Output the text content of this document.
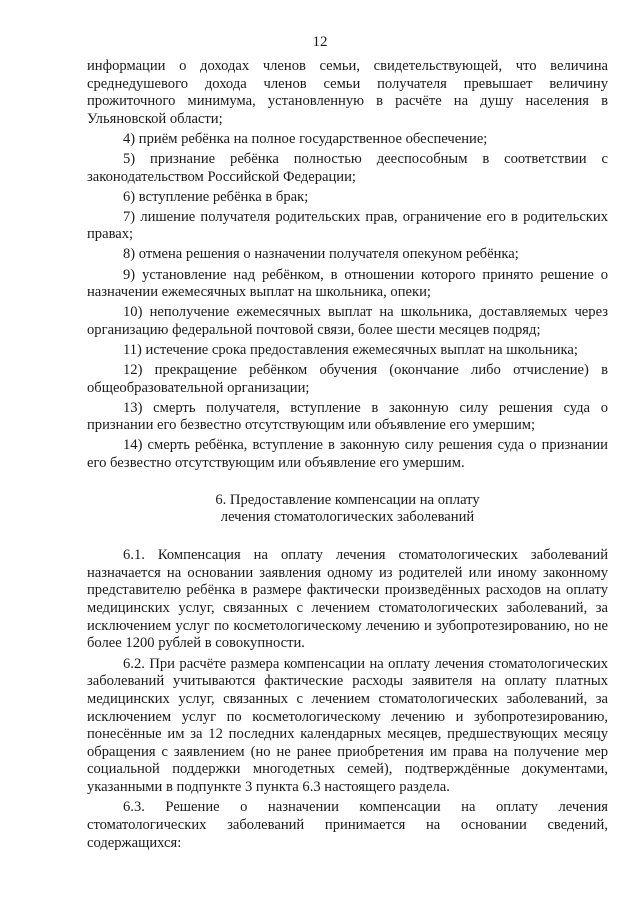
12

информации о доходах членов семьи, свидетельствующей, что величина среднедушевого дохода членов семьи получателя превышает величину прожиточного минимума, установленную в расчёте на душу населения в Ульяновской области;

4) приём ребёнка на полное государственное обеспечение;

5) признание ребёнка полностью дееспособным в соответствии с законодательством Российской Федерации;

6) вступление ребёнка в брак;

7) лишение получателя родительских прав, ограничение его в родительских правах;

8) отмена решения о назначении получателя опекуном ребёнка;

9) установление над ребёнком, в отношении которого принято решение о назначении ежемесячных выплат на школьника, опеки;

10) неполучение ежемесячных выплат на школьника, доставляемых через организацию федеральной почтовой связи, более шести месяцев подряд;

11) истечение срока предоставления ежемесячных выплат на школьника;

12) прекращение ребёнком обучения (окончание либо отчисление) в общеобразовательной организации;

13) смерть получателя, вступление в законную силу решения суда о признании его безвестно отсутствующим или объявление его умершим;

14) смерть ребёнка, вступление в законную силу решения суда о признании его безвестно отсутствующим или объявление его умершим.

6. Предоставление компенсации на оплату
лечения стоматологических заболеваний

6.1. Компенсация на оплату лечения стоматологических заболеваний назначается на основании заявления одному из родителей или иному законному представителю ребёнка в размере фактически произведённых расходов на оплату медицинских услуг, связанных с лечением стоматологических заболеваний, за исключением услуг по косметологическому лечению и зубопротезированию, но не более 1200 рублей в совокупности.

6.2. При расчёте размера компенсации на оплату лечения стоматологических заболеваний учитываются фактические расходы заявителя на оплату платных медицинских услуг, связанных с лечением стоматологических заболеваний, за исключением услуг по косметологическому лечению и зубопротезированию, понесённые им за 12 последних календарных месяцев, предшествующих месяцу обращения с заявлением (но не ранее приобретения им права на получение мер социальной поддержки многодетных семей), подтверждённые документами, указанными в подпункте 3 пункта 6.3 настоящего раздела.

6.3. Решение о назначении компенсации на оплату лечения стоматологических заболеваний принимается на основании сведений, содержащихся:
